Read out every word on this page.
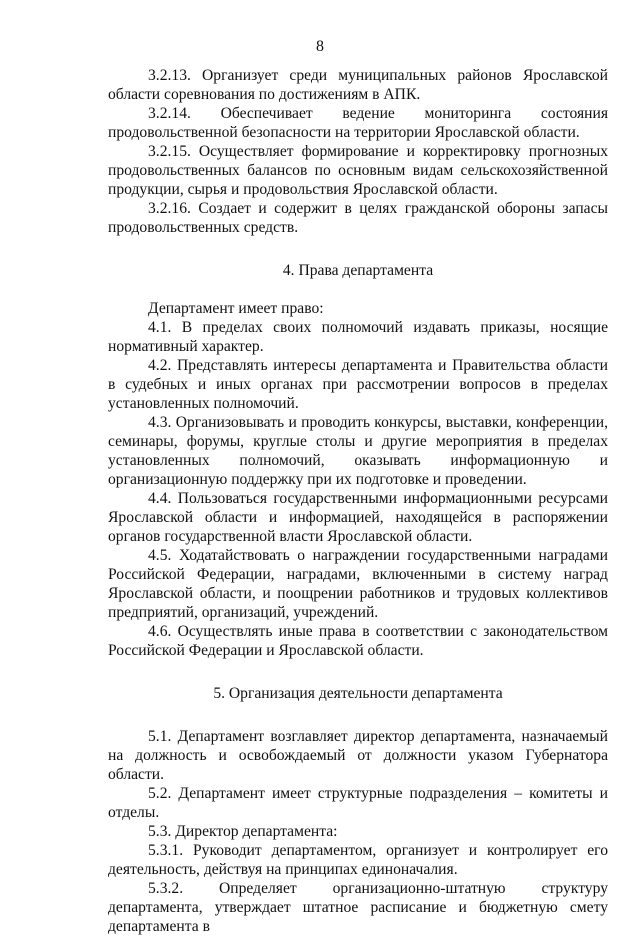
8

3.2.13. Организует среди муниципальных районов Ярославской области соревнования по достижениям в АПК.

3.2.14. Обеспечивает ведение мониторинга состояния продовольственной безопасности на территории Ярославской области.

3.2.15. Осуществляет формирование и корректировку прогнозных продовольственных балансов по основным видам сельскохозяйственной продукции, сырья и продовольствия Ярославской области.

3.2.16. Создает и содержит в целях гражданской обороны запасы продовольственных средств.

4. Права департамента

Департамент имеет право:

4.1. В пределах своих полномочий издавать приказы, носящие нормативный характер.

4.2. Представлять интересы департамента и Правительства области в судебных и иных органах при рассмотрении вопросов в пределах установленных полномочий.

4.3. Организовывать и проводить конкурсы, выставки, конференции, семинары, форумы, круглые столы и другие мероприятия в пределах установленных полномочий, оказывать информационную и организационную поддержку при их подготовке и проведении.

4.4. Пользоваться государственными информационными ресурсами Ярославской области и информацией, находящейся в распоряжении органов государственной власти Ярославской области.

4.5. Ходатайствовать о награждении государственными наградами Российской Федерации, наградами, включенными в систему наград Ярославской области, и поощрении работников и трудовых коллективов предприятий, организаций, учреждений.

4.6. Осуществлять иные права в соответствии с законодательством Российской Федерации и Ярославской области.

5. Организация деятельности департамента

5.1. Департамент возглавляет директор департамента, назначаемый на должность и освобождаемый от должности указом Губернатора области.

5.2. Департамент имеет структурные подразделения – комитеты и отделы.

5.3. Директор департамента:

5.3.1. Руководит департаментом, организует и контролирует его деятельность, действуя на принципах единоначалия.

5.3.2. Определяет организационно-штатную структуру департамента, утверждает штатное расписание и бюджетную смету департамента в
